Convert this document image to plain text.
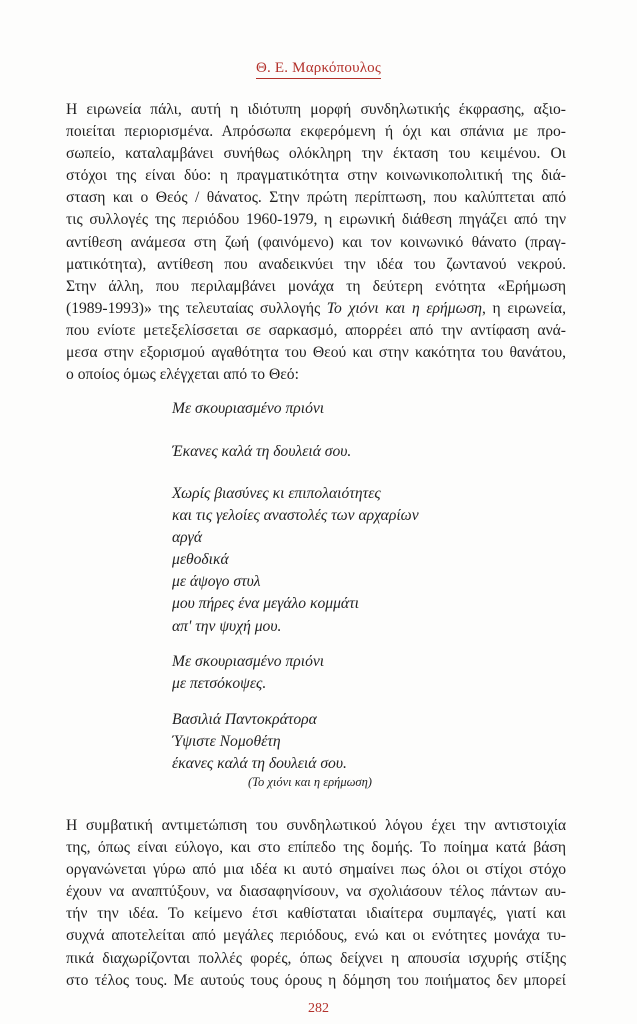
Θ. Ε. Μαρκόπουλος
Η ειρωνεία πάλι, αυτή η ιδιότυπη μορφή συνδηλωτικής έκφρασης, αξιο-
ποιείται περιορισμένα. Απρόσωπα εκφερόμενη ή όχι και σπάνια με προ-
σωπείο, καταλαμβάνει συνήθως ολόκληρη την έκταση του κειμένου. Οι
στόχοι της είναι δύο: η πραγματικότητα στην κοινωνικοπολιτική της διά-
σταση και ο Θεός / θάνατος. Στην πρώτη περίπτωση, που καλύπτεται από
τις συλλογές της περιόδου 1960-1979, η ειρωνική διάθεση πηγάζει από την
αντίθεση ανάμεσα στη ζωή (φαινόμενο) και τον κοινωνικό θάνατο (πραγ-
ματικότητα), αντίθεση που αναδεικνύει την ιδέα του ζωντανού νεκρού.
Στην άλλη, που περιλαμβάνει μονάχα τη δεύτερη ενότητα «Ερήμωση
(1989-1993)» της τελευταίας συλλογής Το χιόνι και η ερήμωση, η ειρωνεία,
που ενίοτε μετεξελίσσεται σε σαρκασμό, απορρέει από την αντίφαση ανά-
μεσα στην εξορισμού αγαθότητα του Θεού και στην κακότητα του θανάτου,
ο οποίος όμως ελέγχεται από το Θεό:
Με σκουριασμένο πριόνι
Έκανες καλά τη δουλειά σου.
Χωρίς βιασύνες κι επιπολαιότητες
και τις γελοίες αναστολές των αρχαρίων
αργά
μεθοδικά
με άψογο στυλ
μου πήρες ένα μεγάλο κομμάτι
απ' την ψυχή μου.
Με σκουριασμένο πριόνι
με πετσόκοψες.
Βασιλιά Παντοκράτορα
Ύψιστε Νομοθέτη
έκανες καλά τη δουλειά σου.
(Το χιόνι και η ερήμωση)
Η συμβατική αντιμετώπιση του συνδηλωτικού λόγου έχει την αντιστοιχία
της, όπως είναι εύλογο, και στο επίπεδο της δομής. Το ποίημα κατά βάση
οργανώνεται γύρω από μια ιδέα κι αυτό σημαίνει πως όλοι οι στίχοι στόχο
έχουν να αναπτύξουν, να διασαφηνίσουν, να σχολιάσουν τέλος πάντων αυ-
τήν την ιδέα. Το κείμενο έτσι καθίσταται ιδιαίτερα συμπαγές, γιατί και
συχνά αποτελείται από μεγάλες περιόδους, ενώ και οι ενότητες μονάχα τυ-
πικά διαχωρίζονται πολλές φορές, όπως δείχνει η απουσία ισχυρής στίξης
στο τέλος τους. Με αυτούς τους όρους η δόμηση του ποιήματος δεν μπορεί
282
